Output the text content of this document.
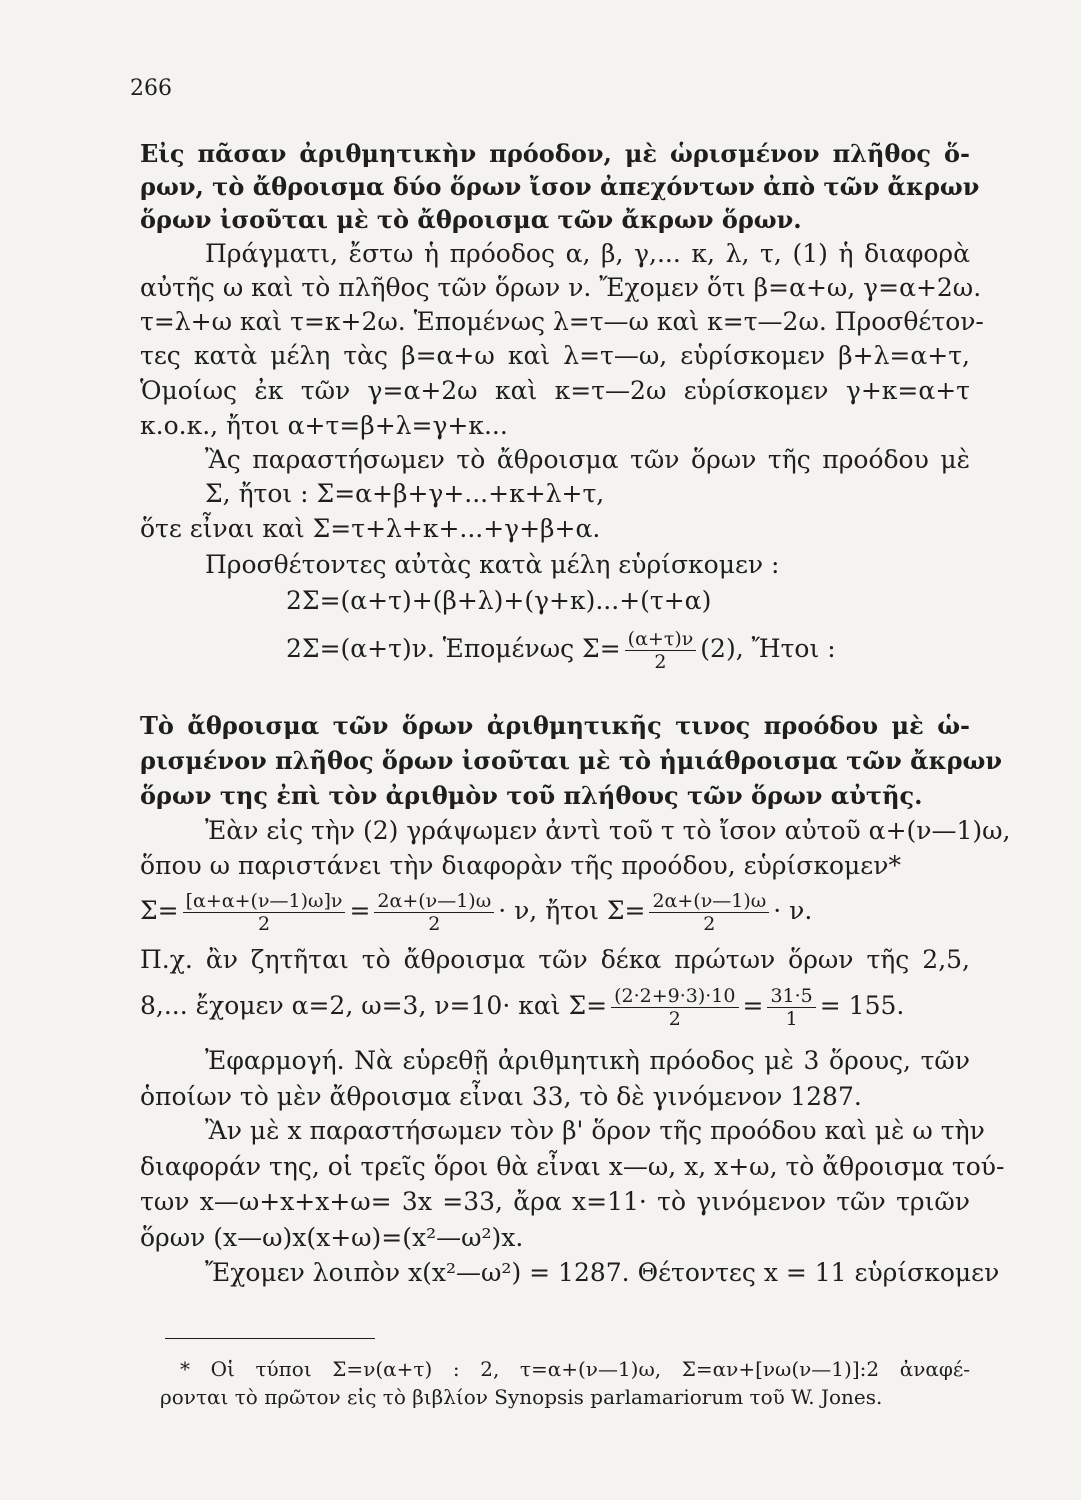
266
Εἰς πᾶσαν ἀριθμητικὴν πρόοδον, μὲ ὡρισμένον πλῆθος ὅ-
ρων, τὸ ἄθροισμα δύο ὅρων ἴσον ἀπεχόντων ἀπὸ τῶν ἄκρων
ὅρων ἰσοῦται μὲ τὸ ἄθροισμα τῶν ἄκρων ὅρων.
Πράγματι, ἔστω ἡ πρόοδος α, β, γ,... κ, λ, τ, (1) ἡ διαφορὰ
αὐτῆς ω καὶ τὸ πλῆθος τῶν ὅρων ν. Ἔχομεν ὅτι β=α+ω, γ=α+2ω.
τ=λ+ω καὶ τ=κ+2ω. Ἑπομένως λ=τ—ω καὶ κ=τ—2ω. Προσθέτον-
τες κατὰ μέλη τὰς β=α+ω καὶ λ=τ—ω, εὑρίσκομεν β+λ=α+τ,
Ὁμοίως ἐκ τῶν γ=α+2ω καὶ κ=τ—2ω εὑρίσκομεν γ+κ=α+τ
κ.ο.κ., ἤτοι α+τ=β+λ=γ+κ...
Ἂς παραστήσωμεν τὸ ἄθροισμα τῶν ὅρων τῆς προόδου μὲ
Σ, ἤτοι : Σ=α+β+γ+...+κ+λ+τ,
ὅτε εἶναι καὶ Σ=τ+λ+κ+...+γ+β+α.
Προσθέτοντες αὐτὰς κατὰ μέλη εὑρίσκομεν :
2Σ=(α+τ)+(β+λ)+(γ+κ)...+(τ+α)
2Σ=(α+τ)ν. Ἑπομένως $\Sigma= \frac{(\alpha+\tau)\nu}{2} (2)$, Ἤτοι :
Τὸ ἄθροισμα τῶν ὅρων ἀριθμητικῆς τινος προόδου μὲ ὡ-
ρισμένον πλῆθος ὅρων ἰσοῦται μὲ τὸ ἡμιάθροισμα τῶν ἄκρων
ὅρων της ἐπὶ τὸν ἀριθμὸν τοῦ πλήθους τῶν ὅρων αὐτῆς.
Ἐὰν εἰς τὴν (2) γράψωμεν ἀντὶ τοῦ τ τὸ ἴσον αὐτοῦ α+(ν—1)ω,
ὅπου ω παριστάνει τὴν διαφορὰν τῆς προόδου, εὑρίσκομεν*
$\Sigma= \frac{[\alpha+\alpha+(\nu—1)\omega]\nu}{2} = \frac{2\alpha+(\nu—1)\omega}{2} \cdot \nu$, ἤτοι $\Sigma= \frac{2\alpha+(\nu—1)\omega}{2} \cdot \nu$.
Π.χ. ἂν ζητῆται τὸ ἄθροισμα τῶν δέκα πρώτων ὅρων τῆς 2,5,
8,... ἔχομεν α=2, ω=3, ν=10· καὶ $\Sigma= \frac{(2\cdot 2+9\cdot 3)\cdot 10}{2} = \frac{31\cdot 5}{1} = 155$.
Ἐφαρμογή. Νὰ εὑρεθῇ ἀριθμητικὴ πρόοδος μὲ 3 ὅρους, τῶν
ὁποίων τὸ μὲν ἄθροισμα εἶναι 33, τὸ δὲ γινόμενον 1287.
Ἂν μὲ x παραστήσωμεν τὸν β' ὅρον τῆς προόδου καὶ μὲ ω τὴν
διαφοράν της, οἱ τρεῖς ὅροι θὰ εἶναι x—ω, x, x+ω, τὸ ἄθροισμα τού-
των x—ω+x+x+ω= 3x =33, ἄρα x=11· τὸ γινόμενον τῶν τριῶν
ὅρων (x—ω)x(x+ω)=(x²—ω²)x.
Ἔχομεν λοιπὸν x(x²—ω²) = 1287. Θέτοντες x = 11 εὑρίσκομεν
* Οἱ τύποι Σ=ν(α+τ) : 2, τ=α+(ν—1)ω, Σ=αν+[νω(ν—1)]:2 ἀναφέ-
ρονται τὸ πρῶτον εἰς τὸ βιβλίον Synopsis parlamariorum τοῦ W. Jones.
